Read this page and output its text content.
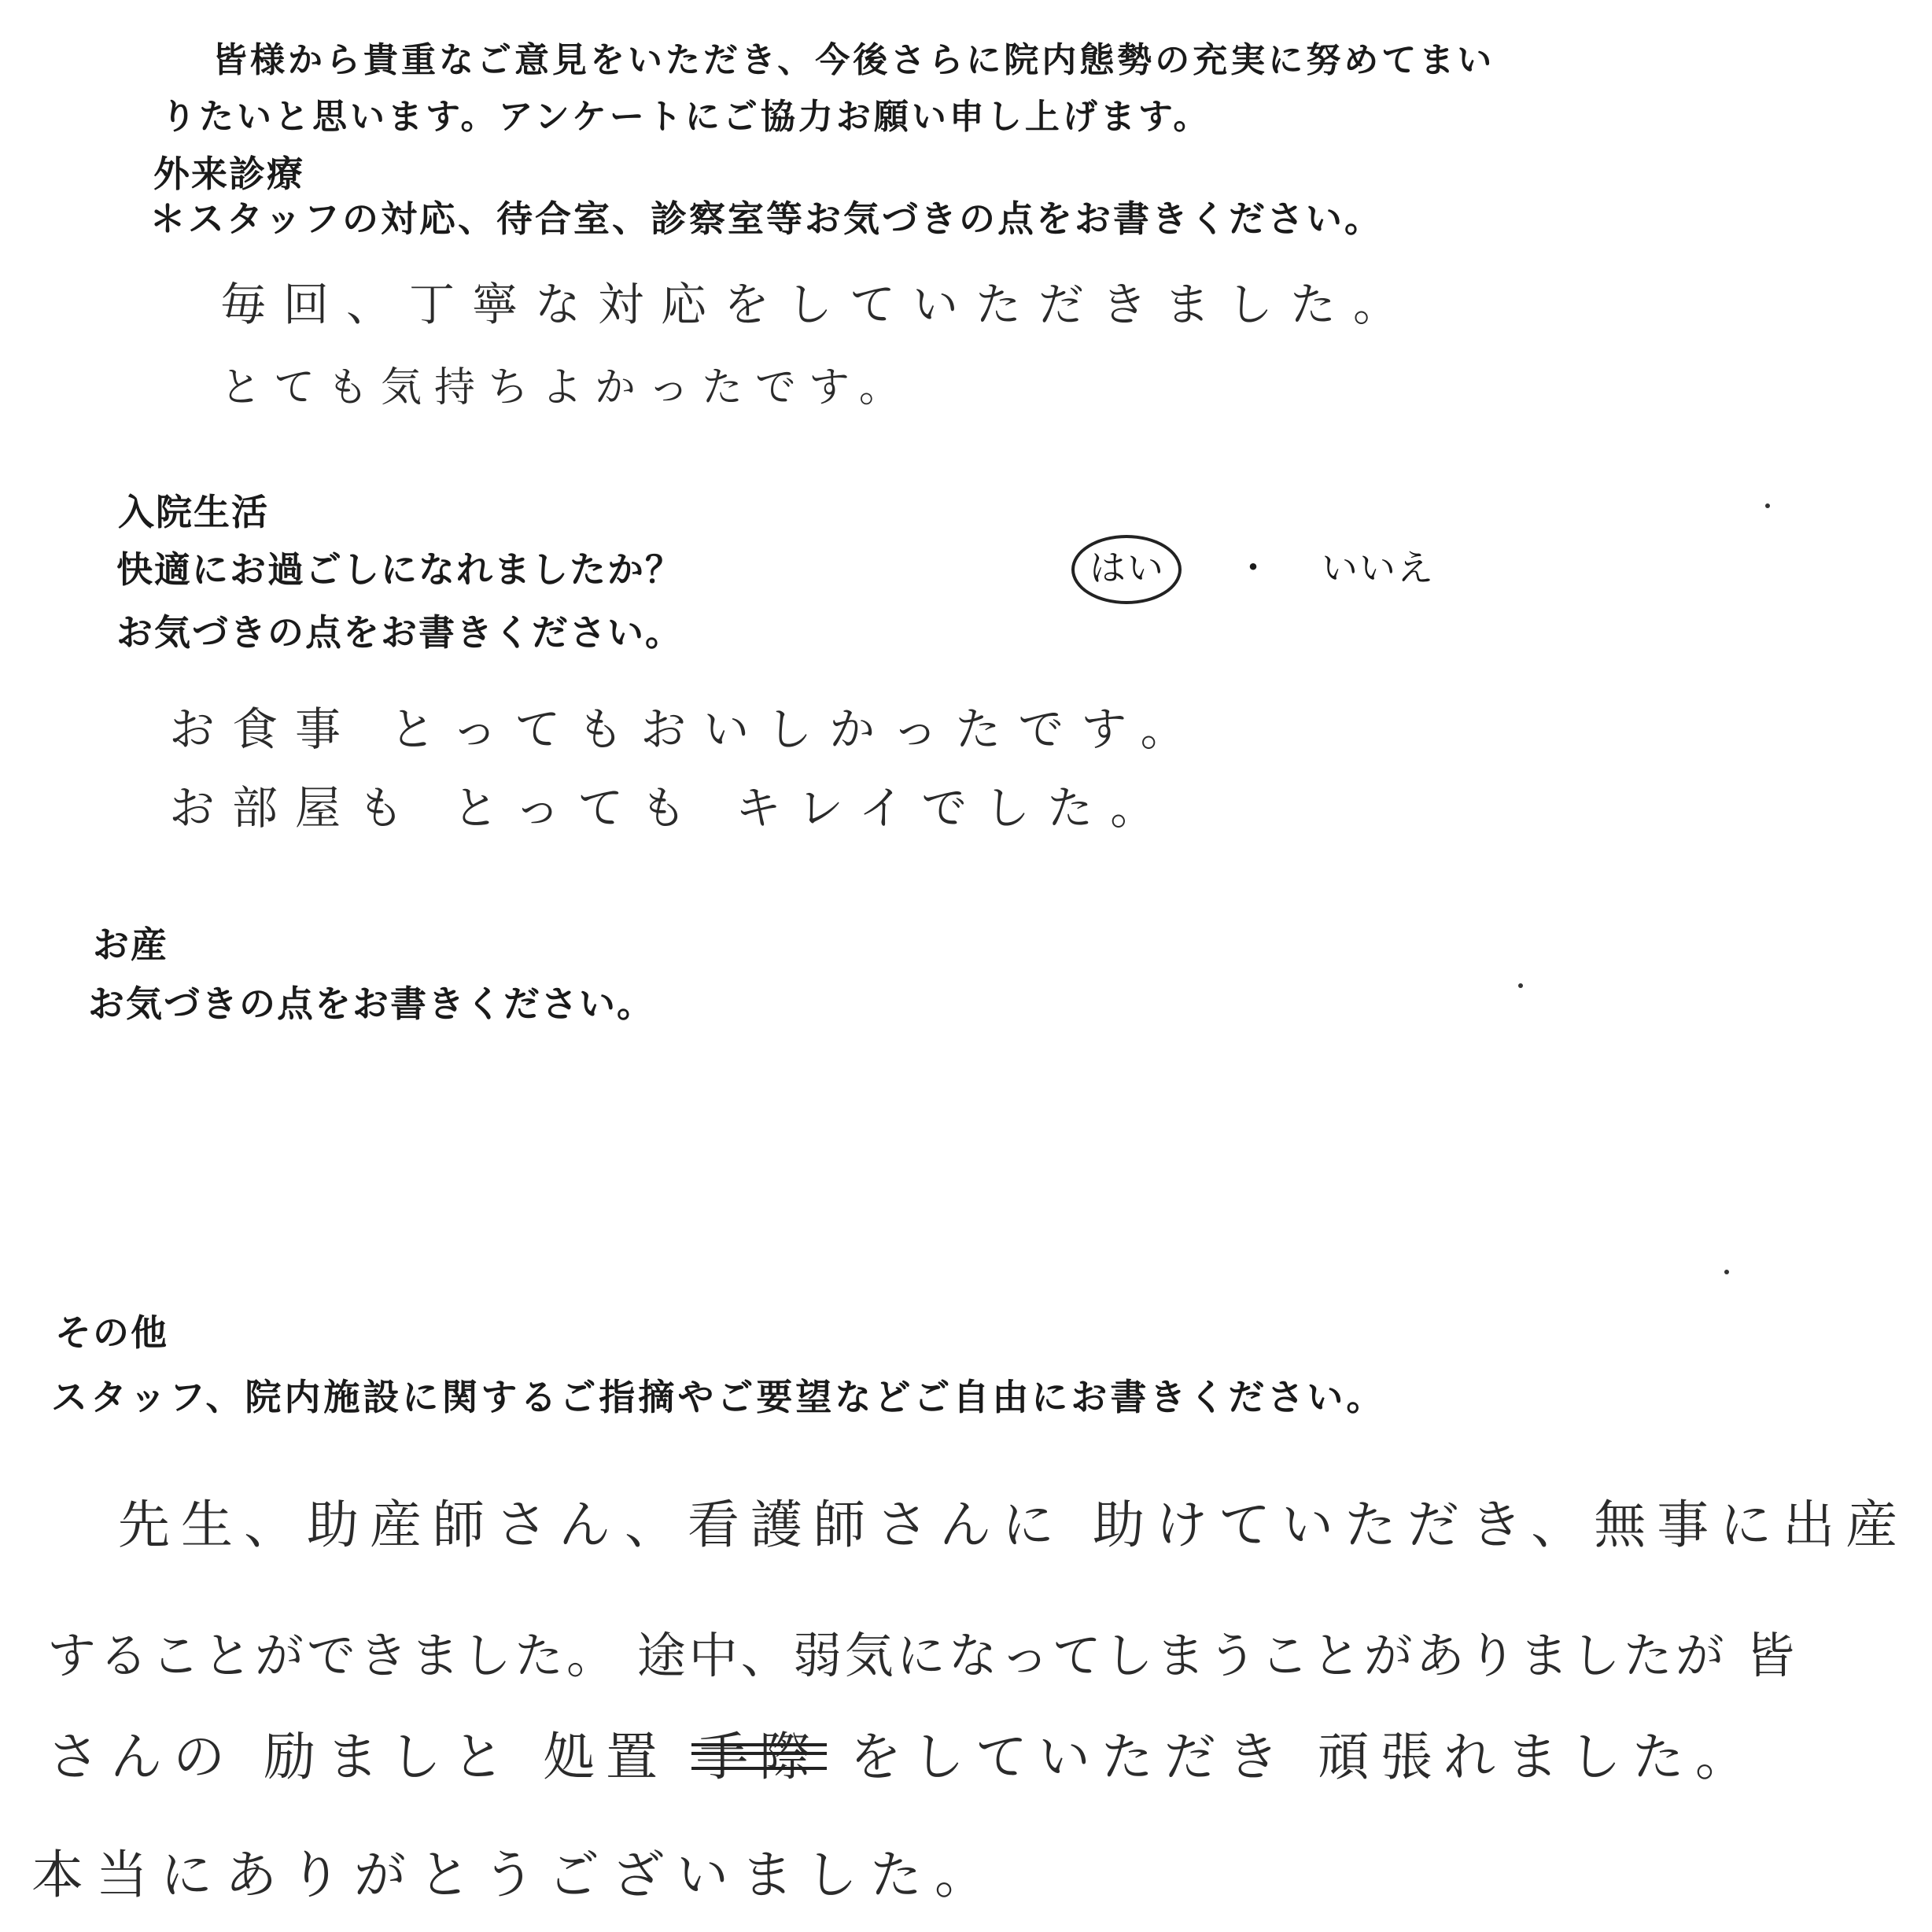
皆様から貴重なご意見をいただき、今後さらに院内態勢の充実に努めてまい
りたいと思います。アンケートにご協力お願い申し上げます。
外来診療
＊スタッフの対応、待合室、診察室等お気づきの点をお書きください。
毎回、丁寧な対応をしていただきました。
とても気持ちよかったです。
入院生活
快適にお過ごしになれましたか？	はい ・ いいえ
お気づきの点をお書きください。
お食事 とってもおいしかったです。
お部屋も とっても キレイでした。
お産
お気づきの点をお書きください。
その他
スタッフ、院内施設に関するご指摘やご要望などご自由にお書きください。
先生、助産師さん、看護師さんに 助けていただき、無事に出産
することができました。 途中、弱気になってしまうことがありましたが 皆
さんの 励ましと 処置 手際 をしていただき 頑張れました。
本当にありがとうございました。
